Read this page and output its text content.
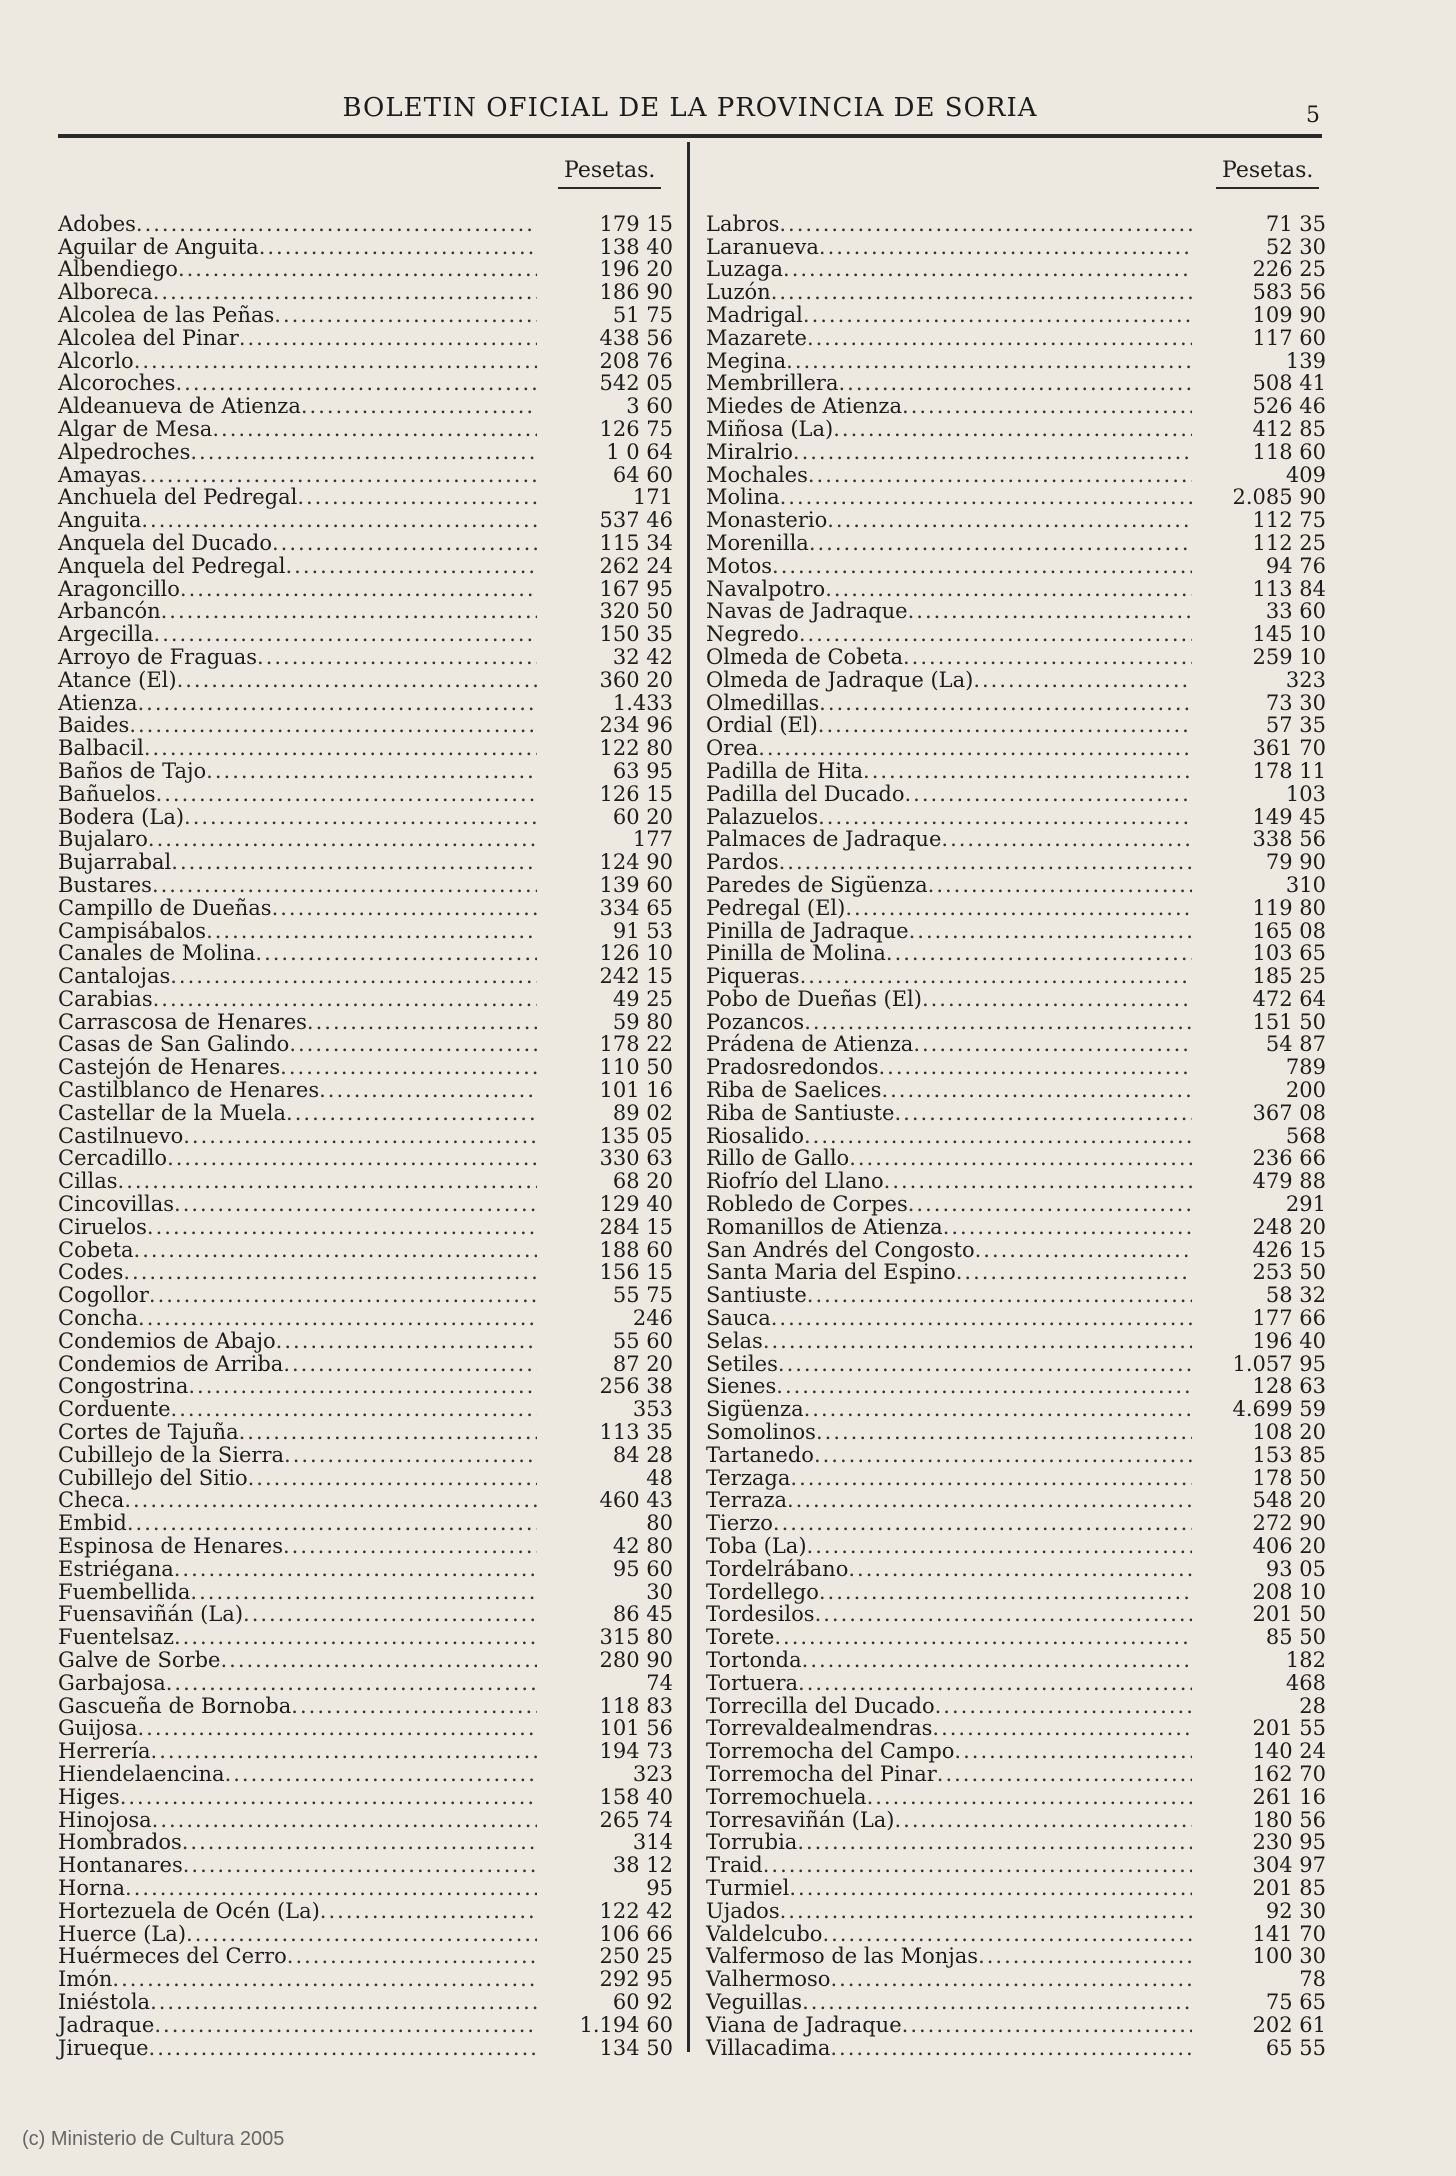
BOLETIN OFICIAL DE LA PROVINCIA DE SORIA	5
Pesetas.
Adobes .....	179 15
Aguilar de Anguita .....	138 40
Albendiego .....	196 20
Alboreca .....	186 90
Alcolea de las Peñas .....	51 75
Alcolea del Pinar .....	438 56
Alcorlo .....	208 76
Alcoroches .....	542 05
Aldeanueva de Atienza .....	3 60
Algar de Mesa .....	126 75
Alpedroches .....	1 0 64
Amayas .....	64 60
Anchuela del Pedregal .....	171
Anguita .....	537 46
Anquela del Ducado .....	115 34
Anquela del Pedregal .....	262 24
Aragoncillo .....	167 95
Arbancón .....	320 50
Argecilla .....	150 35
Arroyo de Fraguas .....	32 42
Atance (El) .....	360 20
Atienza .....	1.433
Baides .....	234 96
Balbacil .....	122 80
Baños de Tajo .....	63 95
Bañuelos .....	126 15
Bodera (La) .....	60 20
Bujalaro .....	177
Bujarrabal .....	124 90
Bustares .....	139 60
Campillo de Dueñas .....	334 65
Campisábalos .....	91 53
Canales de Molina .....	126 10
Cantalojas .....	242 15
Carabias .....	49 25
Carrascosa de Henares .....	59 80
Casas de San Galindo .....	178 22
Castejón de Henares .....	110 50
Castilblanco de Henares .....	101 16
Castellar de la Muela .....	89 02
Castilnuevo .....	135 05
Cercadillo .....	330 63
Cillas .....	68 20
Cincovillas .....	129 40
Ciruelos .....	284 15
Cobeta .....	188 60
Codes .....	156 15
Cogollor .....	55 75
Concha .....	246
Condemios de Abajo .....	55 60
Condemios de Arriba .....	87 20
Congostrina .....	256 38
Corduente .....	353
Cortes de Tajuña .....	113 35
Cubillejo de la Sierra .....	84 28
Cubillejo del Sitio .....	48
Checa .....	460 43
Embid .....	80
Espinosa de Henares .....	42 80
Estriégana .....	95 60
Fuembellida .....	30
Fuensaviñán (La) .....	86 45
Fuentelsaz .....	315 80
Galve de Sorbe .....	280 90
Garbajosa .....	74
Gascueña de Bornoba .....	118 83
Guijosa .....	101 56
Herrería .....	194 73
Hiendelaencina .....	323
Higes .....	158 40
Hinojosa .....	265 74
Hombrados .....	314
Hontanares .....	38 12
Horna .....	95
Hortezuela de Océn (La) .....	122 42
Huerce (La) .....	106 66
Huérmeces del Cerro .....	250 25
Imón .....	292 95
Iniéstola .....	60 92
Jadraque .....	1.194 60
Jirueque .....	134 50
Pesetas.
Labros .....	71 35
Laranueva .....	52 30
Luzaga .....	226 25
Luzón .....	583 56
Madrigal .....	109 90
Mazarete .....	117 60
Megina .....	139
Membrillera .....	508 41
Miedes de Atienza .....	526 46
Miñosa (La) .....	412 85
Miralrio .....	118 60
Mochales .....	409
Molina .....	2.085 90
Monasterio .....	112 75
Morenilla .....	112 25
Motos .....	94 76
Navalpotro .....	113 84
Navas de Jadraque .....	33 60
Negredo .....	145 10
Olmeda de Cobeta .....	259 10
Olmeda de Jadraque (La) .....	323
Olmedillas .....	73 30
Ordial (El) .....	57 35
Orea .....	361 70
Padilla de Hita .....	178 11
Padilla del Ducado .....	103
Palazuelos .....	149 45
Palmaces de Jadraque .....	338 56
Pardos .....	79 90
Paredes de Sigüenza .....	310
Pedregal (El) .....	119 80
Pinilla de Jadraque .....	165 08
Pinilla de Molina .....	103 65
Piqueras .....	185 25
Pobo de Dueñas (El) .....	472 64
Pozancos .....	151 50
Prádena de Atienza .....	54 87
Pradosredondos .....	789
Riba de Saelices .....	200
Riba de Santiuste .....	367 08
Riosalido .....	568
Rillo de Gallo .....	236 66
Riofrío del Llano .....	479 88
Robledo de Corpes .....	291
Romanillos de Atienza .....	248 20
San Andrés del Congosto .....	426 15
Santa Maria del Espino .....	253 50
Santiuste .....	58 32
Sauca .....	177 66
Selas .....	196 40
Setiles .....	1.057 95
Sienes .....	128 63
Sigüenza .....	4.699 59
Somolinos .....	108 20
Tartanedo .....	153 85
Terzaga .....	178 50
Terraza .....	548 20
Tierzo .....	272 90
Toba (La) .....	406 20
Tordelrábano .....	93 05
Tordellego .....	208 10
Tordesilos .....	201 50
Torete .....	85 50
Tortonda .....	182
Tortuera .....	468
Torrecilla del Ducado .....	28
Torrevaldealmendras .....	201 55
Torremocha del Campo .....	140 24
Torremocha del Pinar .....	162 70
Torremochuela .....	261 16
Torresaviñán (La) .....	180 56
Torrubia .....	230 95
Traid .....	304 97
Turmiel .....	201 85
Ujados .....	92 30
Valdelcubo .....	141 70
Valfermoso de las Monjas .....	100 30
Valhermoso .....	78
Veguillas .....	75 65
Viana de Jadraque .....	202 61
Villacadima .....	65 55
(c) Ministerio de Cultura 2005
